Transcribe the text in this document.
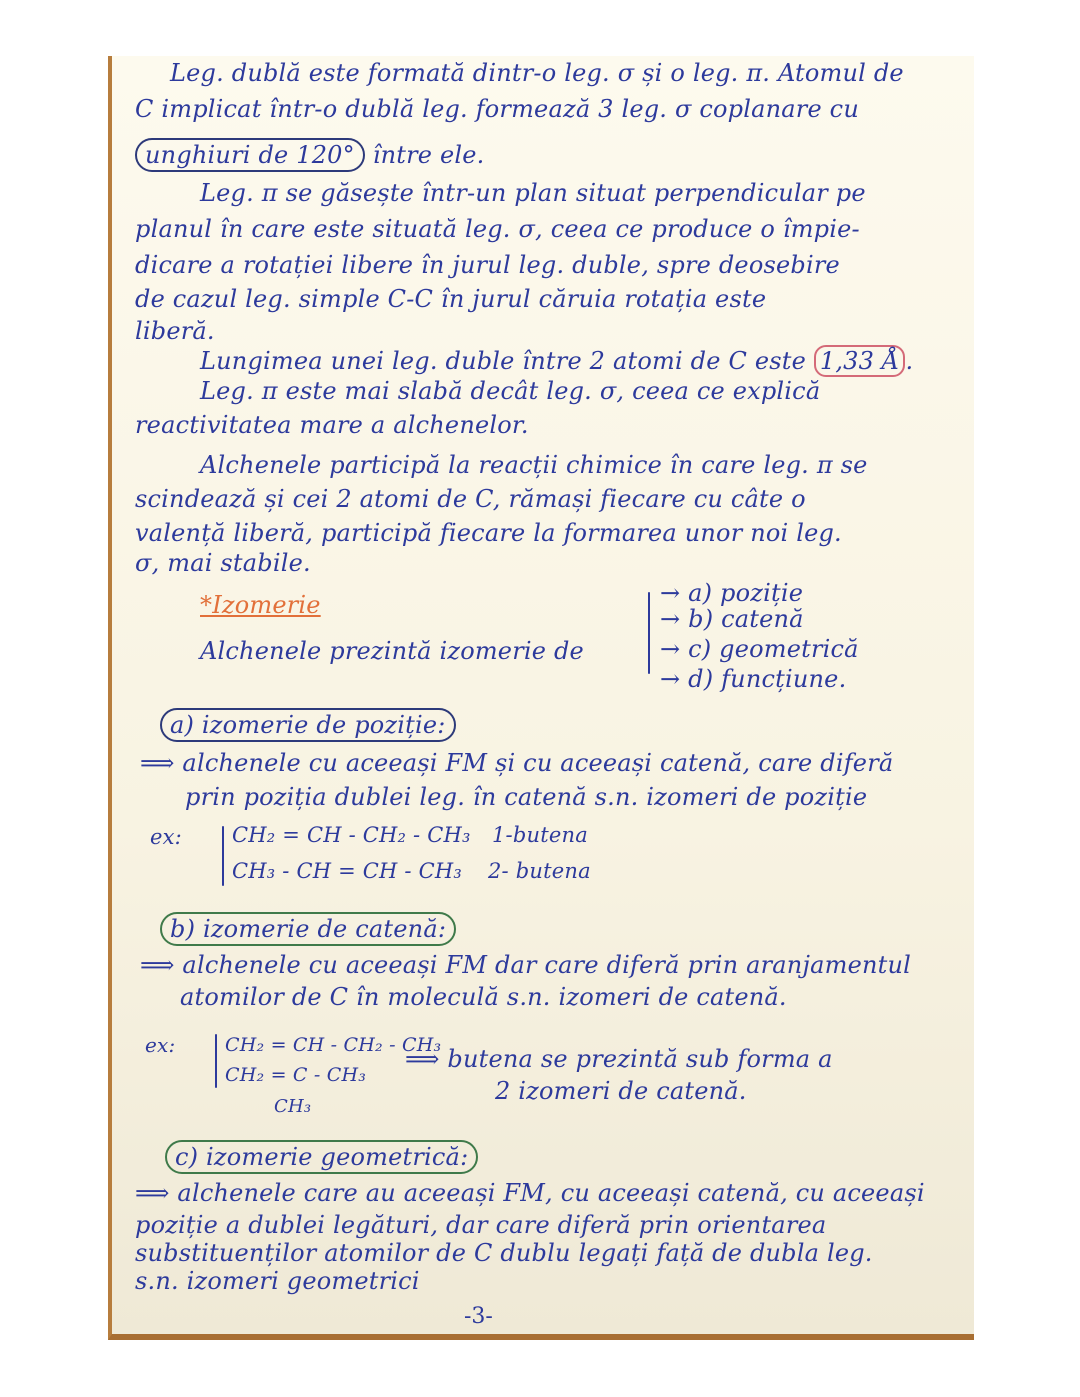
Leg. dublă este formată dintr-o leg. σ și o leg. π. Atomul de
C implicat într-o dublă leg. formează 3 leg. σ coplanare cu
unghiuri de 120° între ele.
Leg. π se găsește într-un plan situat perpendicular pe
planul în care este situată leg. σ, ceea ce produce o împie-
dicare a rotației libere în jurul leg. duble, spre deosebire
de cazul leg. simple C-C în jurul căruia rotația este
liberă.
Lungimea unei leg. duble între 2 atomi de C este 1,33 Å .
Leg. π este mai slabă decât leg. σ, ceea ce explică
reactivitatea mare a alchenelor.
Alchenele participă la reacții chimice în care leg. π se
scindează și cei 2 atomi de C, rămași fiecare cu câte o
valență liberă, participă fiecare la formarea unor noi leg.
σ, mai stabile.
*Izomerie
Alchenele prezintă izomerie de
→ a) poziție
→ b) catenă
→ c) geometrică
→ d) funcțiune.
a) izomerie de poziție:
⟹ alchenele cu aceeași FM și cu aceeași catenă, care diferă
prin poziția dublei leg. în catenă s.n. izomeri de poziție
ex: CH₂ = CH - CH₂ - CH₃ 1-butena
CH₃ - CH = CH - CH₃ 2- butena
b) izomerie de catenă:
⟹ alchenele cu aceeași FM dar care diferă prin aranjamentul
atomilor de C în moleculă s.n. izomeri de catenă.
ex:	CH₂ = CH - CH₂ - CH₃
CH₂ = C - CH₃
CH₃
⟹ butena se prezintă sub forma a
2 izomeri de catenă.
c) izomerie geometrică:
⟹ alchenele care au aceeași FM, cu aceeași catenă, cu aceeași
poziție a dublei legături, dar care diferă prin orientarea
substituenților atomilor de C dublu legați față de dubla leg.
s.n. izomeri geometrici
-3-
